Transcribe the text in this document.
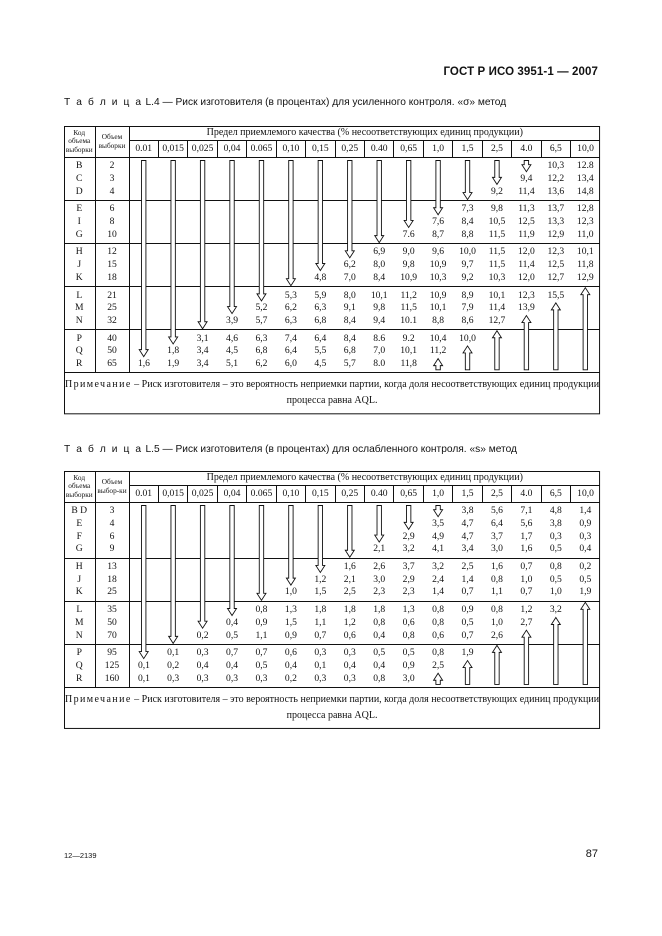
ГОСТ Р ИСО 3951-1 — 2007
Т а б л и ц а L.4 — Риск изготовителя (в процентах) для усиленного контроля. «σ» метод
Код объема выборки	Объем выборки	Предел приемлемого качества (% несоответствующих единиц продукции)															
		0.01	0,015	0,025	0,04	0.065	0,10	0,15	0,25	0.40	0,65	1,0	1,5	2,5	4.0	6,5	10,0
B	2															10,3	12.8
C	3														9,4	12,2	13,4
D	4													9,2	11,4	13,6	14,8
E	6												7,3	9,8	11,3	13,7	12,8
I	8											7,6	8,4	10,5	12,5	13,3	12,3
G	10										7.6	8,7	8,8	11,5	11,9	12,9	11,0
H	12									6,9	9,0	9,6	10,0	11,5	12,0	12,3	10,1
J	15								6,2	8,0	9,8	10,9	9,7	11,5	11,4	12,5	11,8
K	18							4,8	7,0	8,4	10,9	10,3	9,2	10,3	12,0	12,7	12,9
L	21						5,3	5,9	8,0	10,1	11,2	10,9	8,9	10,1	12,3	15,5	
M	25					5,2	6,2	6,3	9,1	9,8	11,5	10,1	7,9	11,4	13,9		
N	32				3,9	5,7	6,3	6,8	8,4	9,4	10.1	8,8	8,6	12,7			
P	40			3,1	4,6	6,3	7,4	6,4	8,4	8.6	9.2	10,4	10,0				
Q	50		1,8	3,4	4,5	6,8	6,4	5,5	6,8	7,0	10,1	11,2					
R	65	1,6	1,9	3,4	5,1	6,2	6,0	4,5	5,7	8.0	11,8						
Примечание – Риск изготовителя – это вероятность неприемки партии, когда доля несоответствующих единиц продукции процесса равна AQL.																	
Т а б л и ц а L.5 — Риск изготовителя (в процентах) для ослабленного контроля. «s» метод
Код объема выборки	Объем выбор-ки	Предел приемлемого качества (% несоответствующих единиц продукции)															
		0.01	0,015	0,025	0,04	0.065	0,10	0,15	0,25	0.40	0,65	1,0	1,5	2,5	4.0	6,5	10,0
B D	3												3,8	5,6	7,1	4,8	1,4
E	4											3,5	4,7	6,4	5,6	3,8	0,9
F	6										2,9	4,9	4,7	3,7	1,7	0,3	0,3
G	9									2,1	3,2	4,1	3,4	3,0	1,6	0,5	0,4
H	13								1,6	2,6	3,7	3,2	2,5	1,6	0,7	0,8	0,2
J	18							1,2	2,1	3,0	2,9	2,4	1,4	0,8	1,0	0,5	0,5
K	25						1,0	1,5	2,5	2,3	2,3	1,4	0,7	1,1	0,7	1,0	1,9
L	35					0,8	1,3	1,8	1,8	1,8	1,3	0,8	0,9	0,8	1,2	3,2	
M	50				0,4	0,9	1,5	1,1	1,2	0,8	0,6	0,8	0,5	1,0	2,7		
N	70			0,2	0,5	1,1	0,9	0,7	0,6	0,4	0,8	0,6	0,7	2,6			
P	95		0,1	0,3	0,7	0,7	0,6	0,3	0,3	0,5	0,5	0,8	1,9				
Q	125	0,1	0,2	0,4	0,4	0,5	0,4	0,1	0,4	0,4	0,9	2,5					
R	160	0,1	0,3	0,3	0,3	0,3	0,2	0,3	0,3	0,8	3,0						
Примечание – Риск изготовителя – это вероятность неприемки партии, когда доля несоответствующих единиц продукции процесса равна AQL.																	
12—2139	87
